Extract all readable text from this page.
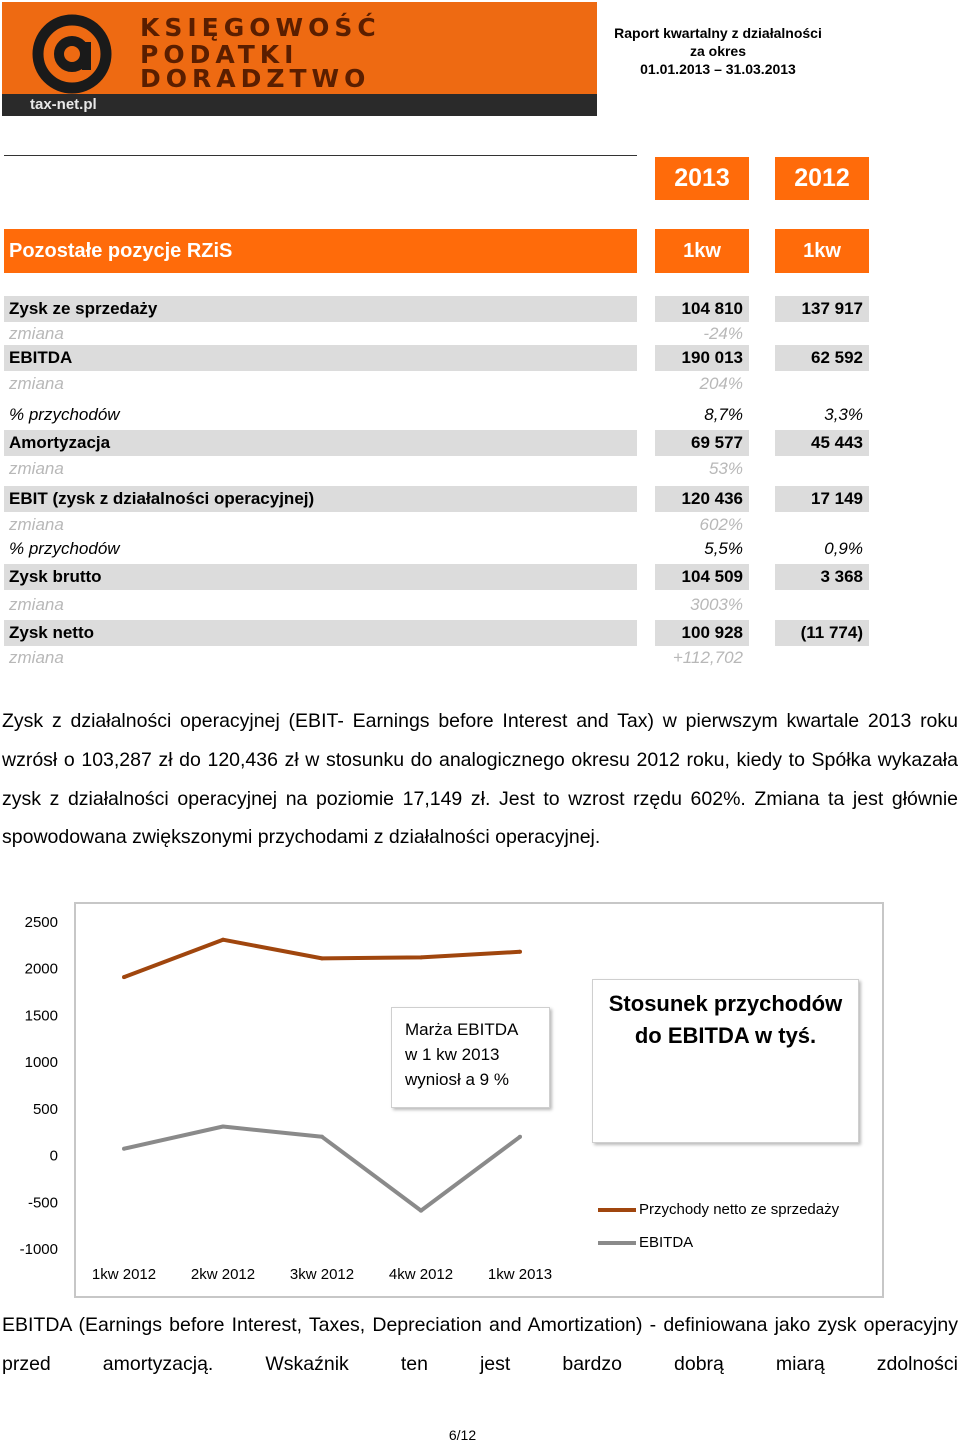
KSIĘGOWOŚĆ
PODATKI
DORADZTWO
tax-net.pl
Raport kwartalny z działalności
za okres
01.01.2013 – 31.03.2013
2013	2012
Pozostałe pozycje RZiS	1kw	1kw
Zysk ze sprzedaży	104 810	137 917
zmiana	-24%
EBITDA	190 013	62 592
zmiana	204%
% przychodów	8,7%	3,3%
Amortyzacja	69 577	45 443
zmiana	53%
EBIT (zysk z działalności operacyjnej)	120 436	17 149
zmiana	602%
% przychodów	5,5%	0,9%
Zysk brutto	104 509	3 368
zmiana	3003%
Zysk netto	100 928	(11 774)
zmiana	+112,702
Zysk z działalności operacyjnej (EBIT- Earnings before Interest and Tax) w pierwszym kwartale 2013 roku wzrósł o 103,287 zł do 120,436 zł w stosunku do analogicznego okresu 2012 roku, kiedy to Spółka wykazała zysk z działalności operacyjnej na poziomie 17,149 zł. Jest to wzrost rzędu 602%. Zmiana ta jest głównie spowodowana zwiększonymi przychodami z działalności operacyjnej.
2500
2000
1500
1000
500
0
-500
-1000
1kw 2012 2kw 2012 3kw 2012 4kw 2012 1kw 2013
Marża EBITDA
w 1 kw 2013
wyniosł a 9 %
Stosunek przychodów
do EBITDA w tyś.
Przychody netto ze sprzedaży
EBITDA
EBITDA (Earnings before Interest, Taxes, Depreciation and Amortization) - definiowana jako zysk operacyjny przed amortyzacją. Wskaźnik ten jest bardzo dobrą miarą zdolności
6/12
